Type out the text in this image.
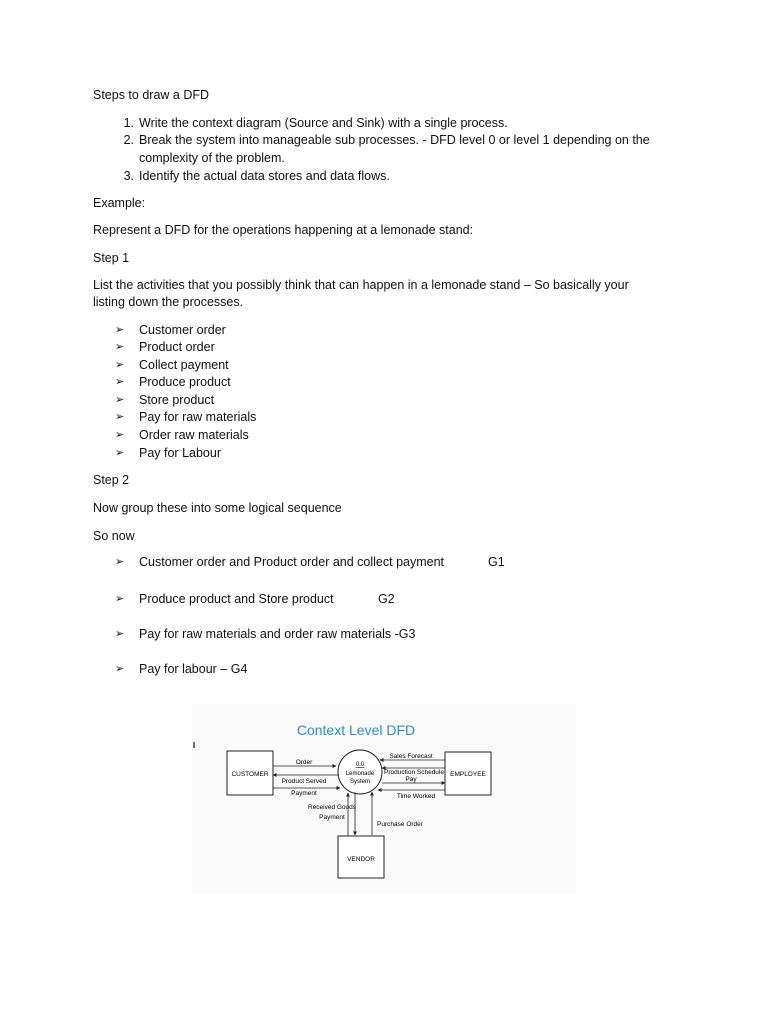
Steps to draw a DFD
1. Write the context diagram (Source and Sink) with a single process.
2. Break the system into manageable sub processes. - DFD level 0 or level 1 depending on the
complexity of the problem.
3. Identify the actual data stores and data flows.
Example:
Represent a DFD for the operations happening at a lemonade stand:
Step 1
List the activities that you possibly think that can happen in a lemonade stand – So basically your
listing down the processes.
➢ Customer order
➢ Product order
➢ Collect payment
➢ Produce product
➢ Store product
➢ Pay for raw materials
➢ Order raw materials
➢ Pay for Labour
Step 2
Now group these into some logical sequence
So now
➢ Customer order and Product order and collect payment	G1
➢ Produce product and Store product	G2
➢ Pay for raw materials and order raw materials -G3
➢ Pay for labour – G4
Context Level DFD
CUSTOMER	EMPLOYEE
VENDOR
0.0
Lemonade
System
Order
Product Served
Payment
Sales Forecast
Production Schedule
Pay
Time Worked
Received Goods
Payment
Purchase Order
